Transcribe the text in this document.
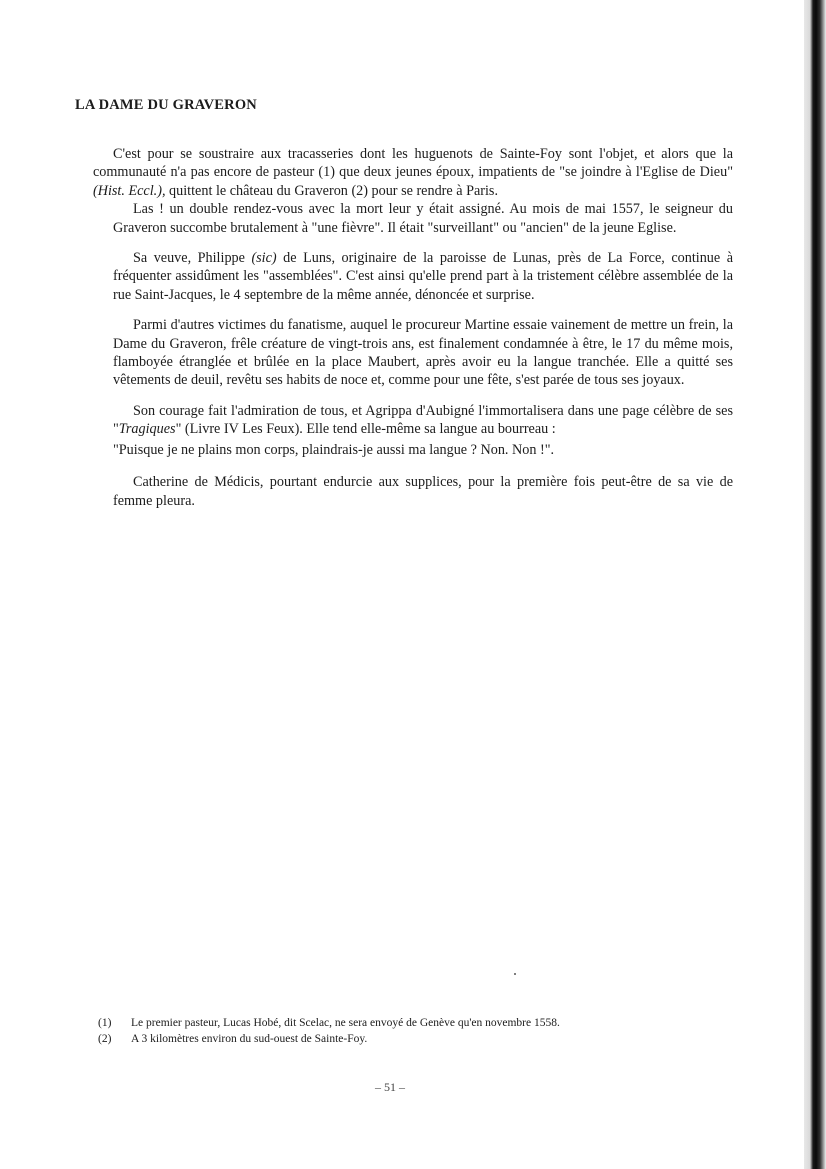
LA DAME DU GRAVERON

C'est pour se soustraire aux tracasseries dont les huguenots de Sainte-Foy sont l'objet, et alors que la communauté n'a pas encore de pasteur (1) que deux jeunes époux, impatients de "se joindre à l'Eglise de Dieu" (Hist. Eccl.), quittent le château du Graveron (2) pour se rendre à Paris.

Las ! un double rendez-vous avec la mort leur y était assigné. Au mois de mai 1557, le seigneur du Graveron succombe brutalement à "une fièvre". Il était "surveillant" ou "ancien" de la jeune Eglise.

Sa veuve, Philippe (sic) de Luns, originaire de la paroisse de Lunas, près de La Force, continue à fréquenter assidûment les "assemblées". C'est ainsi qu'elle prend part à la tristement célèbre assemblée de la rue Saint-Jacques, le 4 septembre de la même année, dénoncée et surprise.

Parmi d'autres victimes du fanatisme, auquel le procureur Martine essaie vainement de mettre un frein, la Dame du Graveron, frêle créature de vingt-trois ans, est finalement condamnée à être, le 17 du même mois, flamboyée étranglée et brûlée en la place Maubert, après avoir eu la langue tranchée. Elle a quitté ses vêtements de deuil, revêtu ses habits de noce et, comme pour une fête, s'est parée de tous ses joyaux.

Son courage fait l'admiration de tous, et Agrippa d'Aubigné l'immortalisera dans une page célèbre de ses "Tragiques" (Livre IV Les Feux). Elle tend elle-même sa langue au bourreau :

"Puisque je ne plains mon corps, plaindrais-je aussi ma langue ? Non. Non !".

Catherine de Médicis, pourtant endurcie aux supplices, pour la première fois peut-être de sa vie de femme pleura.

(1)	Le premier pasteur, Lucas Hobé, dit Scelac, ne sera envoyé de Genève qu'en novembre 1558.
(2)	A 3 kilomètres environ du sud-ouest de Sainte-Foy.
– 51 –
